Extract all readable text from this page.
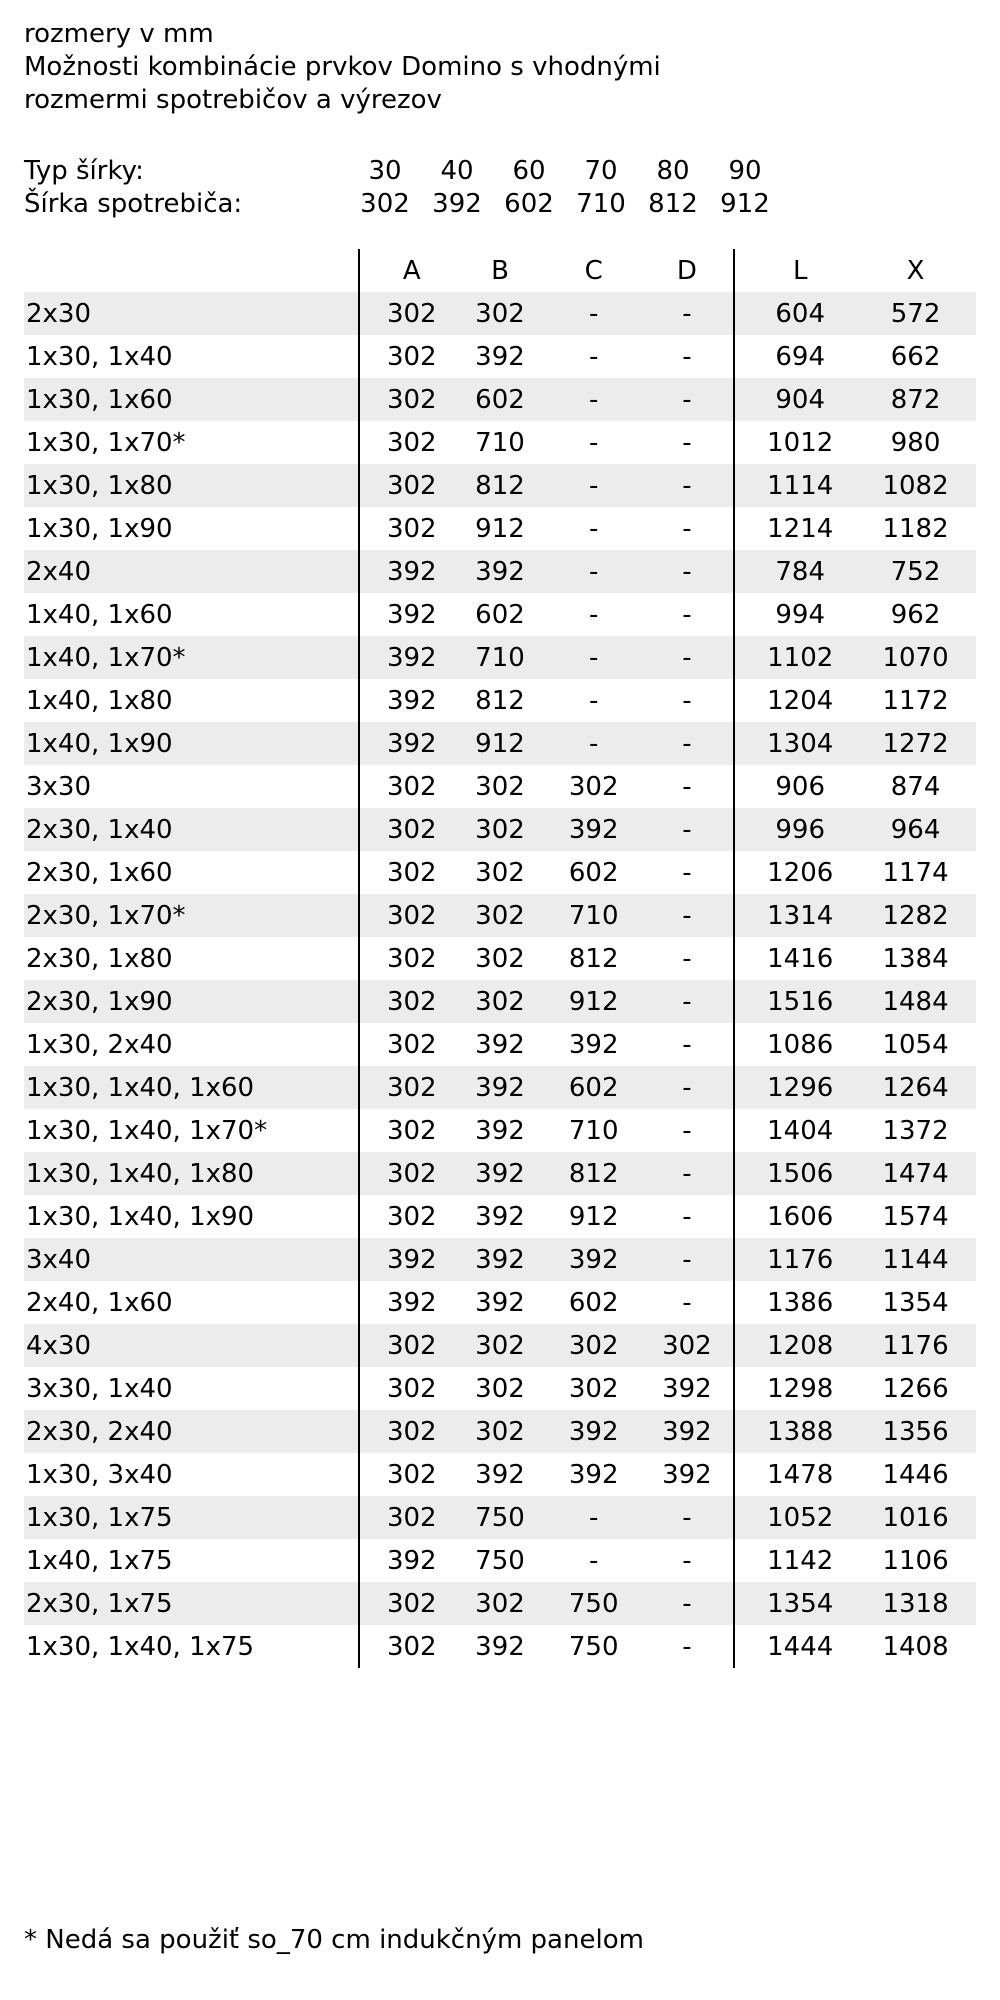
rozmery v mm
Možnosti kombinácie prvkov Domino s vhodnými
rozmermi spotrebičov a výrezov
Typ šírky:	30	40	60	70	80	90
Šírka spotrebiča:	302 392 602 710 812 912
	A	B	C	D	L	X
2x30	302	302	-	-	604	572
1x30, 1x40	302	392	-	-	694	662
1x30, 1x60	302	602	-	-	904	872
1x30, 1x70*	302	710	-	-	1012	980
1x30, 1x80	302	812	-	-	1114	1082
1x30, 1x90	302	912	-	-	1214	1182
2x40	392	392	-	-	784	752
1x40, 1x60	392	602	-	-	994	962
1x40, 1x70*	392	710	-	-	1102	1070
1x40, 1x80	392	812	-	-	1204	1172
1x40, 1x90	392	912	-	-	1304	1272
3x30	302	302	302	-	906	874
2x30, 1x40	302	302	392	-	996	964
2x30, 1x60	302	302	602	-	1206	1174
2x30, 1x70*	302	302	710	-	1314	1282
2x30, 1x80	302	302	812	-	1416	1384
2x30, 1x90	302	302	912	-	1516	1484
1x30, 2x40	302	392	392	-	1086	1054
1x30, 1x40, 1x60	302	392	602	-	1296	1264
1x30, 1x40, 1x70*	302	392	710	-	1404	1372
1x30, 1x40, 1x80	302	392	812	-	1506	1474
1x30, 1x40, 1x90	302	392	912	-	1606	1574
3x40	392	392	392	-	1176	1144
2x40, 1x60	392	392	602	-	1386	1354
4x30	302	302	302	302	1208	1176
3x30, 1x40	302	302	302	392	1298	1266
2x30, 2x40	302	302	392	392	1388	1356
1x30, 3x40	302	392	392	392	1478	1446
1x30, 1x75	302	750	-	-	1052	1016
1x40, 1x75	392	750	-	-	1142	1106
2x30, 1x75	302	302	750	-	1354	1318
1x30, 1x40, 1x75	302	392	750	-	1444	1408
* Nedá sa použiť so_70 cm indukčným panelom
